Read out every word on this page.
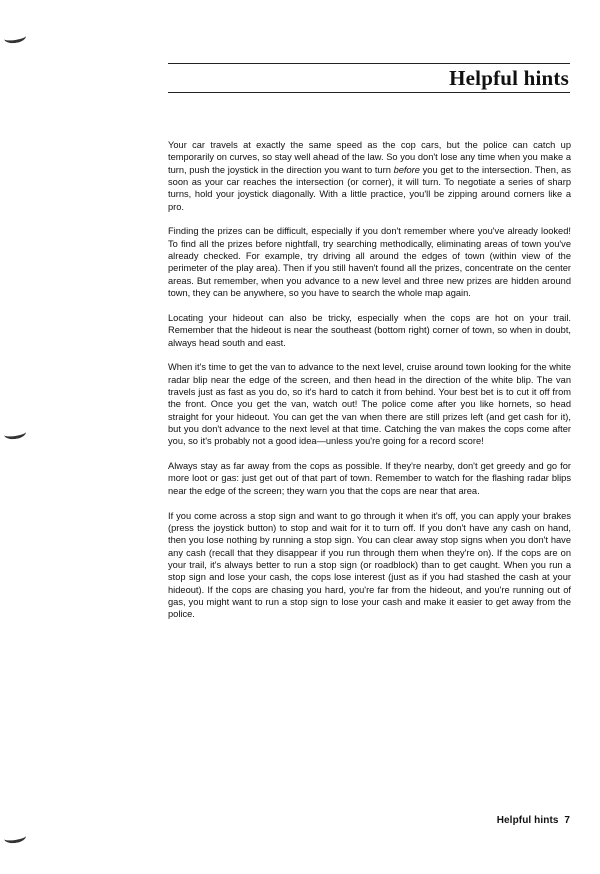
Helpful hints

Your car travels at exactly the same speed as the cop cars, but the police can catch up temporarily on curves, so stay well ahead of the law. So you don't lose any time when you make a turn, push the joystick in the direction you want to turn before you get to the intersection. Then, as soon as your car reaches the intersection (or corner), it will turn. To negotiate a series of sharp turns, hold your joystick diagonally. With a little practice, you'll be zipping around corners like a pro.

Finding the prizes can be difficult, especially if you don't remember where you've already looked! To find all the prizes before nightfall, try searching methodically, eliminating areas of town you've already checked. For example, try driving all around the edges of town (within view of the perimeter of the play area). Then if you still haven't found all the prizes, concentrate on the center areas. But remember, when you advance to a new level and three new prizes are hidden around town, they can be anywhere, so you have to search the whole map again.

Locating your hideout can also be tricky, especially when the cops are hot on your trail. Remember that the hideout is near the southeast (bottom right) corner of town, so when in doubt, always head south and east.

When it's time to get the van to advance to the next level, cruise around town looking for the white radar blip near the edge of the screen, and then head in the direction of the white blip. The van travels just as fast as you do, so it's hard to catch it from behind. Your best bet is to cut it off from the front. Once you get the van, watch out! The police come after you like hornets, so head straight for your hideout. You can get the van when there are still prizes left (and get cash for it), but you don't advance to the next level at that time. Catching the van makes the cops come after you, so it's probably not a good idea—unless you're going for a record score!

Always stay as far away from the cops as possible. If they're nearby, don't get greedy and go for more loot or gas: just get out of that part of town. Remember to watch for the flashing radar blips near the edge of the screen; they warn you that the cops are near that area.

If you come across a stop sign and want to go through it when it's off, you can apply your brakes (press the joystick button) to stop and wait for it to turn off. If you don't have any cash on hand, then you lose nothing by running a stop sign. You can clear away stop signs when you don't have any cash (recall that they disappear if you run through them when they're on). If the cops are on your trail, it's always better to run a stop sign (or roadblock) than to get caught. When you run a stop sign and lose your cash, the cops lose interest (just as if you had stashed the cash at your hideout). If the cops are chasing you hard, you're far from the hideout, and you're running out of gas, you might want to run a stop sign to lose your cash and make it easier to get away from the police.

Helpful hints 7
